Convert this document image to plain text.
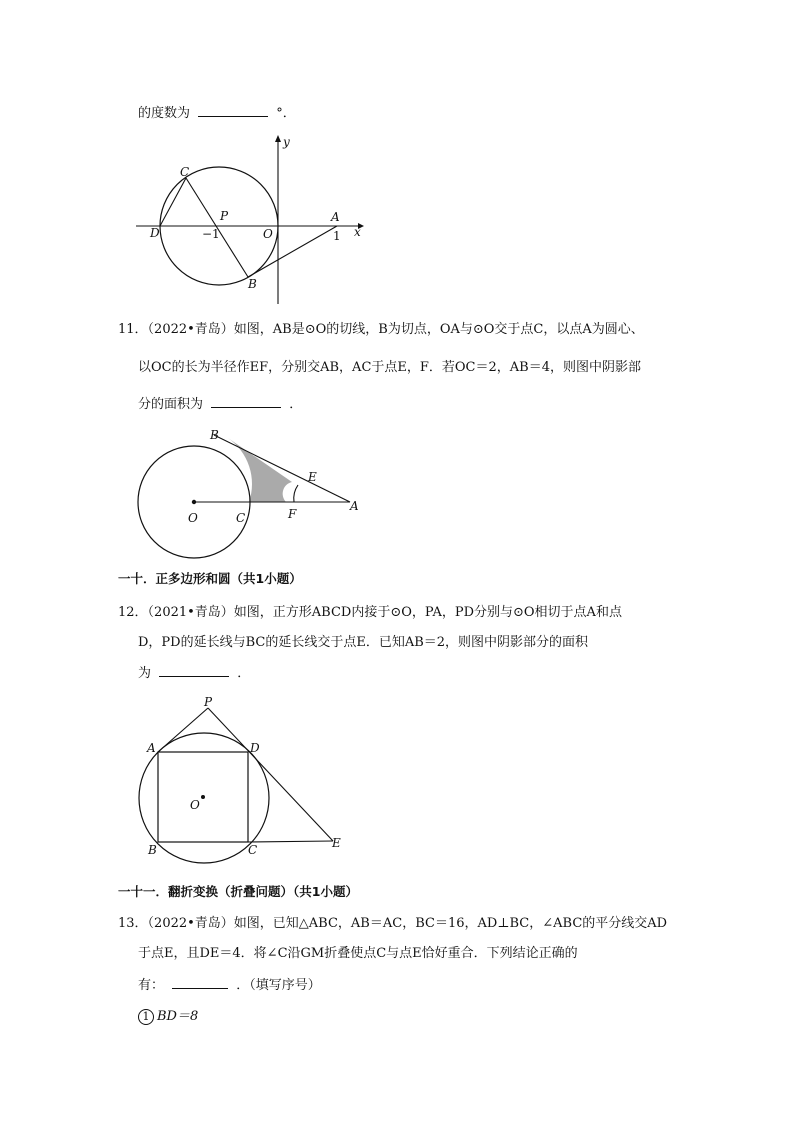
的度数为	°．
C
P	A
D	−1	O	1 x
y
B
11．（2022•青岛）如图，AB是⊙O的切线，B为切点，OA与⊙O交于点C，以点A为圆心、
以OC的长为半径作EF，分别交AB，AC于点E，F．若OC＝2，AB＝4，则图中阴影部
分的面积为	．
B
E
O	C	F
A
一十．正多边形和圆（共1小题）
12．（2021•青岛）如图，正方形ABCD内接于⊙O，PA，PD分别与⊙O相切于点A和点
D，PD的延长线与BC的延长线交于点E．已知AB＝2，则图中阴影部分的面积
为	．
P
A	D
O
B	C	E
一十一．翻折变换（折叠问题）（共1小题）
13．（2022•青岛）如图，已知△ABC，AB＝AC，BC＝16，AD⊥BC，∠ABC的平分线交AD
于点E，且DE＝4．将∠C沿GM折叠使点C与点E恰好重合．下列结论正确的
有：	．（填写序号）
1 BD＝8
